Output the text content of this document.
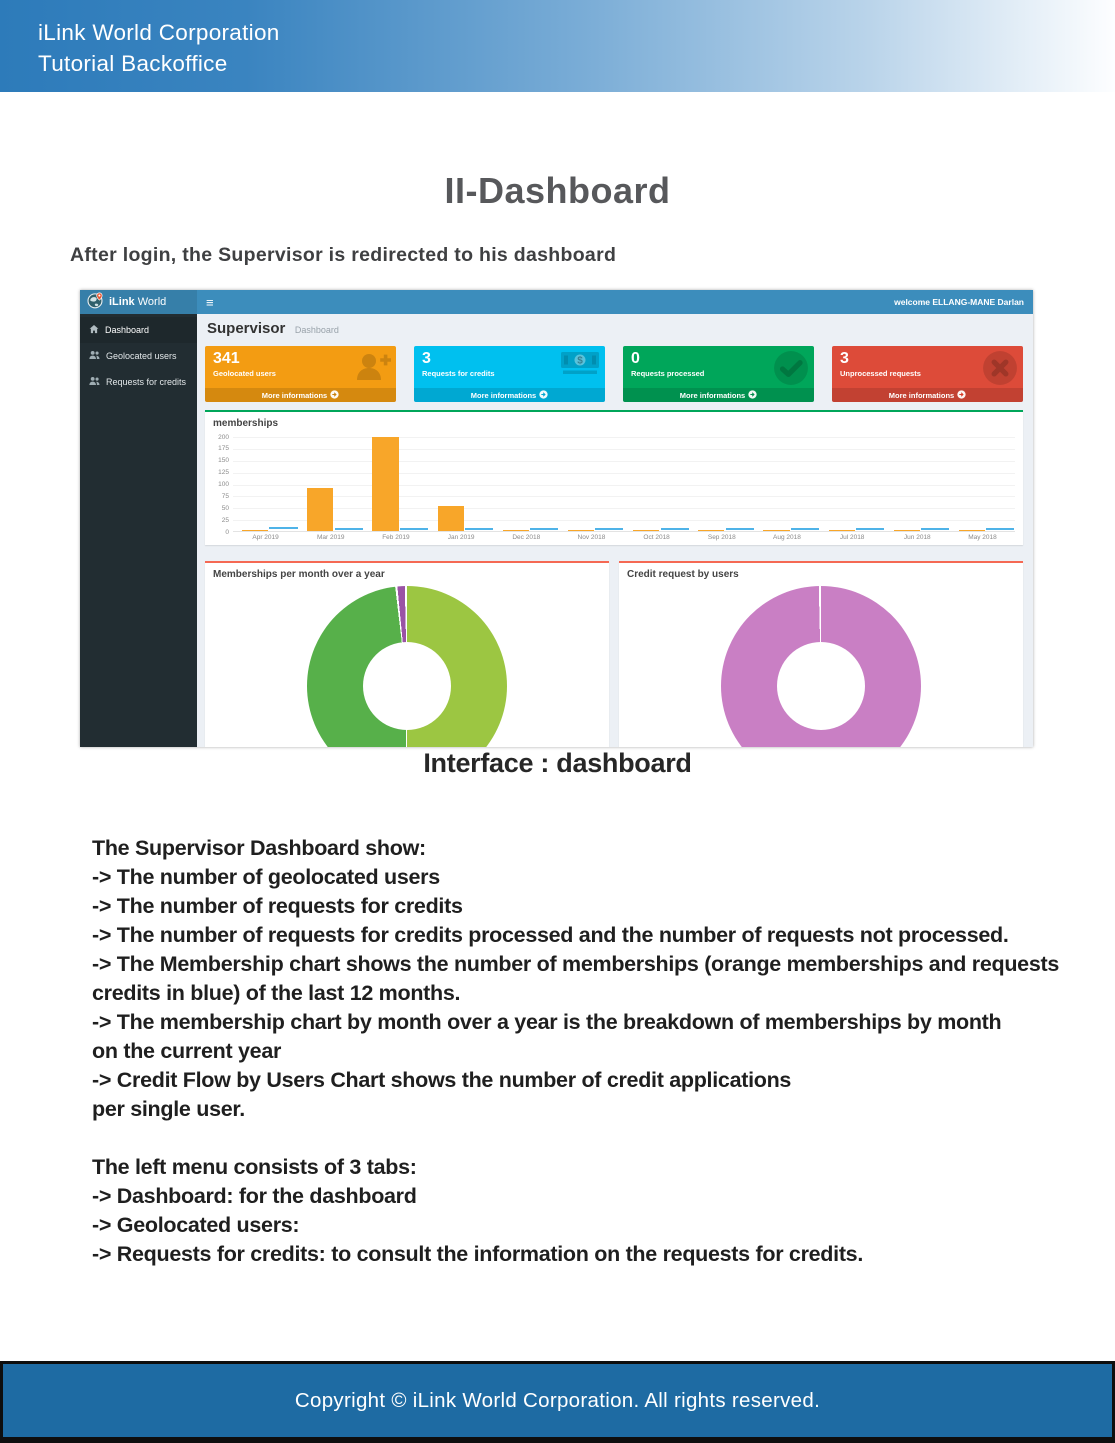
iLink World Corporation
Tutorial Backoffice
II-Dashboard

After login, the Supervisor is redirected to his dashboard

iLink World	≡	welcome ELLANG-MANE Darlan
Dashboard
Geolocated users
Requests for credits
Supervisor Dashboard
341
Geolocated users
More informations
3
Requests for credits
$
More informations
0
Requests processed
More informations
3
Unprocessed requests
More informations
memberships
200
175
150
125
100
75
50
25
0
Apr 2019	Mar 2019	Feb 2019	Jan 2019	Dec 2018	Nov 2018	Oct 2018	Sep 2018	Aug 2018	Jul 2018	Jun 2018	May 2018
Memberships per month over a year	Credit request by users
Interface : dashboard
The Supervisor Dashboard show:
-> The number of geolocated users
-> The number of requests for credits
-> The number of requests for credits processed and the number of requests not processed.
-> The Membership chart shows the number of memberships (orange memberships and requests
credits in blue) of the last 12 months.
-> The membership chart by month over a year is the breakdown of memberships by month
on the current year
-> Credit Flow by Users Chart shows the number of credit applications
per single user.
The left menu consists of 3 tabs:
-> Dashboard: for the dashboard
-> Geolocated users:
-> Requests for credits: to consult the information on the requests for credits.
Copyright © iLink World Corporation. All rights reserved.
